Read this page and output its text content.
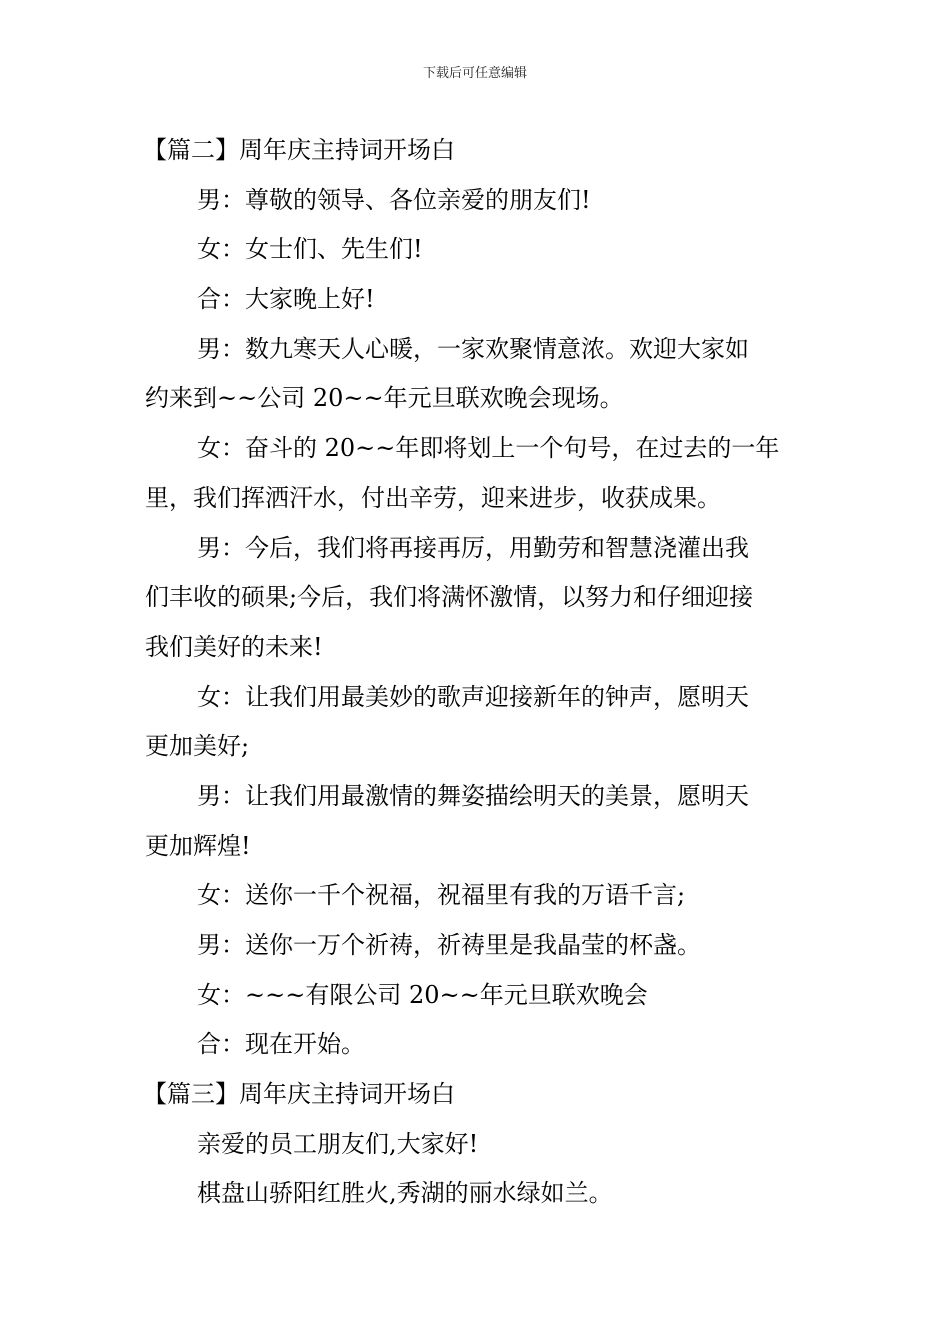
下载后可任意编辑
【篇二】周年庆主持词开场白
男：尊敬的领导、各位亲爱的朋友们!
女：女士们、先生们!
合：大家晚上好!
男：数九寒天人心暖，一家欢聚情意浓。欢迎大家如
约来到~~公司 20~~年元旦联欢晚会现场。
女：奋斗的 20~~年即将划上一个句号，在过去的一年
里，我们挥洒汗水，付出辛劳，迎来进步，收获成果。
男：今后，我们将再接再厉，用勤劳和智慧浇灌出我
们丰收的硕果;今后，我们将满怀激情，以努力和仔细迎接
我们美好的未来!
女：让我们用最美妙的歌声迎接新年的钟声，愿明天
更加美好;
男：让我们用最激情的舞姿描绘明天的美景，愿明天
更加辉煌!
女：送你一千个祝福，祝福里有我的万语千言;
男：送你一万个祈祷，祈祷里是我晶莹的杯盏。
女：~~~有限公司 20~~年元旦联欢晚会
合：现在开始。
【篇三】周年庆主持词开场白
亲爱的员工朋友们,大家好!
棋盘山骄阳红胜火,秀湖的丽水绿如兰。
